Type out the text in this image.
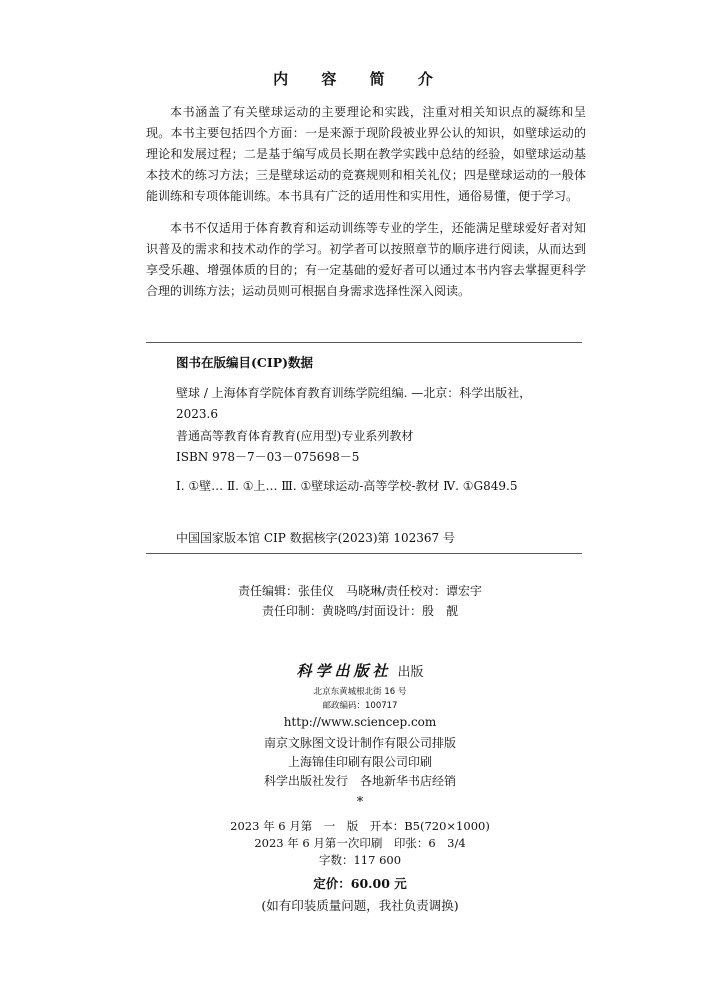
内 容 简 介

本书涵盖了有关壁球运动的主要理论和实践，注重对相关知识点的凝练和呈现。本书主要包括四个方面：一是来源于现阶段被业界公认的知识，如壁球运动的理论和发展过程；二是基于编写成员长期在教学实践中总结的经验，如壁球运动基本技术的练习方法；三是壁球运动的竞赛规则和相关礼仪；四是壁球运动的一般体能训练和专项体能训练。本书具有广泛的适用性和实用性，通俗易懂，便于学习。

本书不仅适用于体育教育和运动训练等专业的学生，还能满足壁球爱好者对知识普及的需求和技术动作的学习。初学者可以按照章节的顺序进行阅读，从而达到享受乐趣、增强体质的目的；有一定基础的爱好者可以通过本书内容去掌握更科学合理的训练方法；运动员则可根据自身需求选择性深入阅读。

图书在版编目(CIP)数据

壁球 / 上海体育学院体育教育训练学院组编. —北京：科学出版社，2023.6

普通高等教育体育教育(应用型)专业系列教材

ISBN 978－7－03－075698－5

Ⅰ. ①壁… Ⅱ. ①上… Ⅲ. ①壁球运动-高等学校-教材 Ⅳ. ①G849.5

中国国家版本馆 CIP 数据核字(2023)第 102367 号

责任编辑：张佳仪　马晓琳/责任校对：谭宏宇

责任印制：黄晓鸣/封面设计：殷　靓

科学出版社 出版

北京东黄城根北街 16 号

邮政编码：100717

http://www.sciencep.com

南京文脉图文设计制作有限公司排版

上海锦佳印刷有限公司印刷

科学出版社发行　各地新华书店经销

*

2023 年 6 月第　一　版　开本：B5(720×1000)

2023 年 6 月第一次印刷　印张：6　3/4

字数：117 600

定价：60.00 元
(如有印装质量问题，我社负责调换)
